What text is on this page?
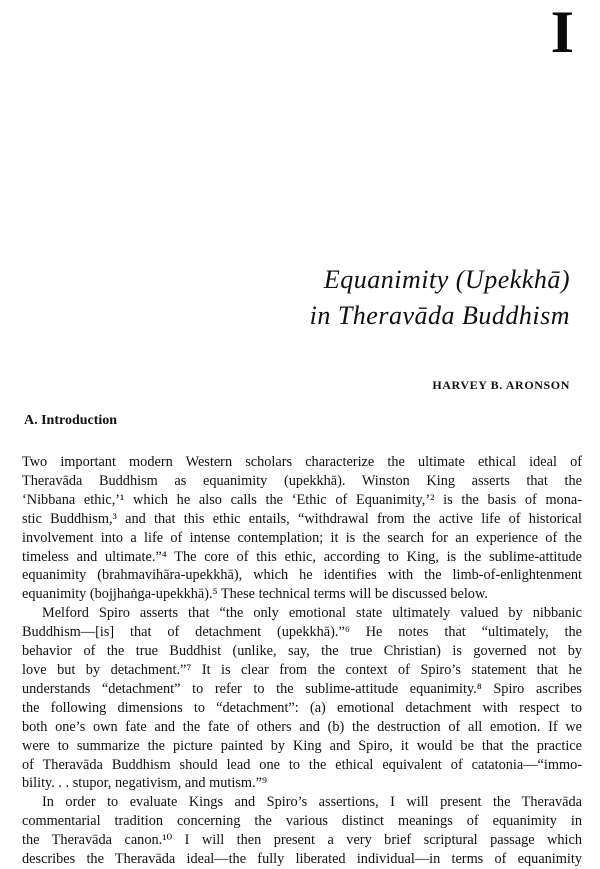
I
Equanimity (Upekkhā)
in Theravāda Buddhism
HARVEY B. ARONSON
A. Introduction
Two important modern Western scholars characterize the ultimate ethical ideal of
Theravāda Buddhism as equanimity (upekkhā). Winston King asserts that the
‘Nibbana ethic,’¹ which he also calls the ‘Ethic of Equanimity,’² is the basis of mona-
stic Buddhism,³ and that this ethic entails, “withdrawal from the active life of historical
involvement into a life of intense contemplation; it is the search for an experience of the
timeless and ultimate.”⁴ The core of this ethic, according to King, is the sublime-attitude
equanimity (brahmavihāra-upekkhā), which he identifies with the limb-of-enlightenment
equanimity (bojjhaṅga-upekkhā).⁵ These technical terms will be discussed below.
Melford Spiro asserts that “the only emotional state ultimately valued by nibbanic
Buddhism—[is] that of detachment (upekkhā).”⁶ He notes that “ultimately, the
behavior of the true Buddhist (unlike, say, the true Christian) is governed not by
love but by detachment.”⁷ It is clear from the context of Spiro’s statement that he
understands “detachment” to refer to the sublime-attitude equanimity.⁸ Spiro ascribes
the following dimensions to “detachment”: (a) emotional detachment with respect to
both one’s own fate and the fate of others and (b) the destruction of all emotion. If we
were to summarize the picture painted by King and Spiro, it would be that the practice
of Theravāda Buddhism should lead one to the ethical equivalent of catatonia—“immo-
bility. . . stupor, negativism, and mutism.”⁹
In order to evaluate Kings and Spiro’s assertions, I will present the Theravāda
commentarial tradition concerning the various distinct meanings of equanimity in
the Theravāda canon.¹⁰ I will then present a very brief scriptural passage which
describes the Theravāda ideal—the fully liberated individual—in terms of equanimity
